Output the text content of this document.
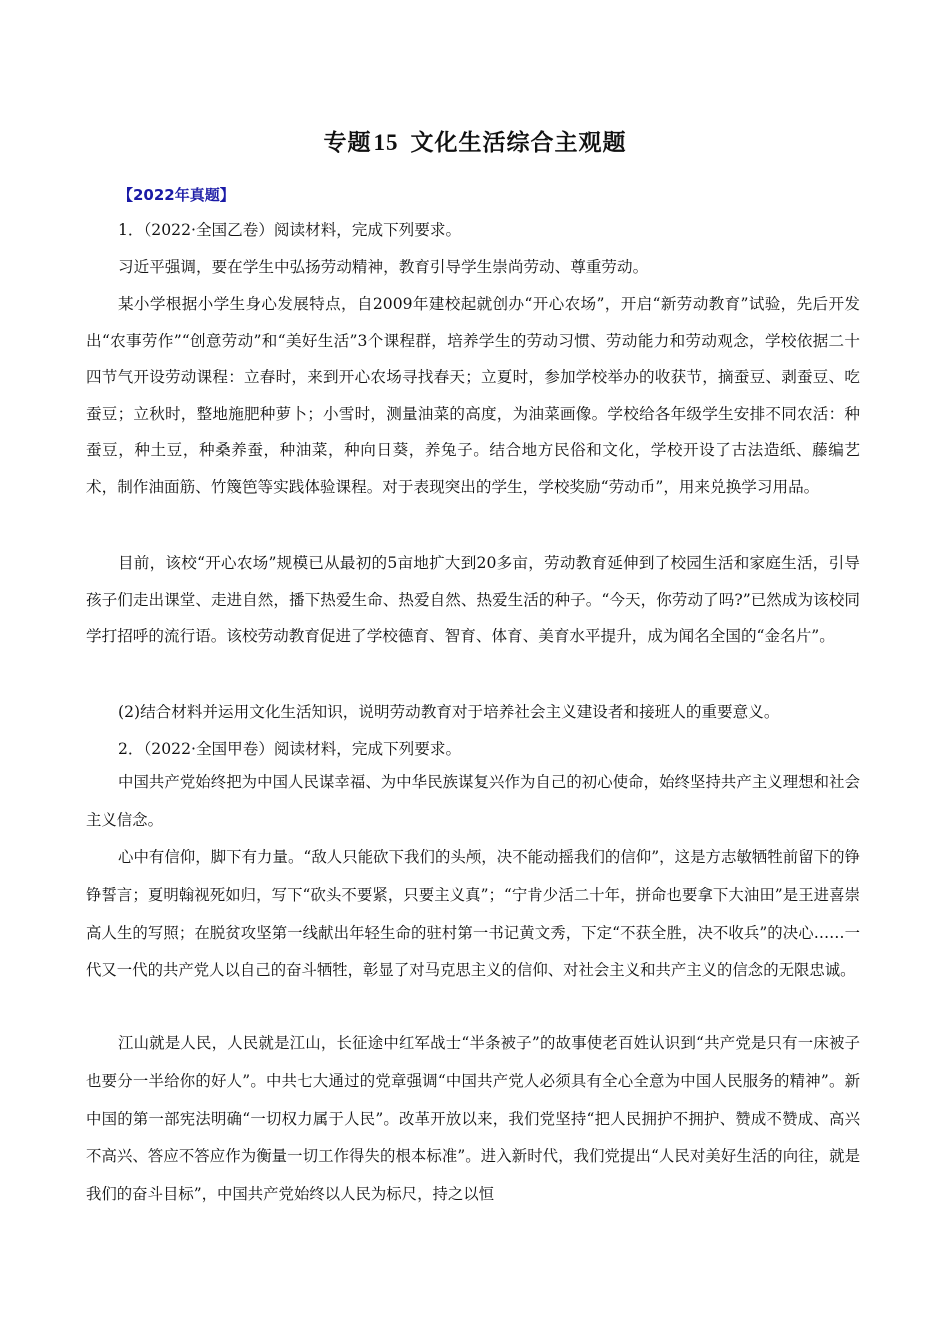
专题15 文化生活综合主观题
【2022年真题】

1．（2022·全国乙卷）阅读材料，完成下列要求。

习近平强调，要在学生中弘扬劳动精神，教育引导学生崇尚劳动、尊重劳动。

某小学根据小学生身心发展特点，自2009年建校起就创办“开心农场”，开启“新劳动教育”试验，先后开发出“农事劳作”“创意劳动”和“美好生活”3个课程群，培养学生的劳动习惯、劳动能力和劳动观念，学校依据二十四节气开设劳动课程：立春时，来到开心农场寻找春天；立夏时，参加学校举办的收获节，摘蚕豆、剥蚕豆、吃蚕豆；立秋时，整地施肥种萝卜；小雪时，测量油菜的高度，为油菜画像。学校给各年级学生安排不同农活：种蚕豆，种土豆，种桑养蚕，种油菜，种向日葵，养兔子。结合地方民俗和文化，学校开设了古法造纸、藤编艺术，制作油面筋、竹篾笆等实践体验课程。对于表现突出的学生，学校奖励“劳动币”，用来兑换学习用品。

目前，该校“开心农场”规模已从最初的5亩地扩大到20多亩，劳动教育延伸到了校园生活和家庭生活，引导孩子们走出课堂、走进自然，播下热爱生命、热爱自然、热爱生活的种子。“今天，你劳动了吗?”已然成为该校同学打招呼的流行语。该校劳动教育促进了学校德育、智育、体育、美育水平提升，成为闻名全国的“金名片”。

(2)结合材料并运用文化生活知识，说明劳动教育对于培养社会主义建设者和接班人的重要意义。

2．（2022·全国甲卷）阅读材料，完成下列要求。

中国共产党始终把为中国人民谋幸福、为中华民族谋复兴作为自己的初心使命，始终坚持共产主义理想和社会主义信念。

心中有信仰，脚下有力量。“敌人只能砍下我们的头颅，决不能动摇我们的信仰”，这是方志敏牺牲前留下的铮铮誓言；夏明翰视死如归，写下“砍头不要紧，只要主义真”；“宁肯少活二十年，拼命也要拿下大油田”是王进喜崇高人生的写照；在脱贫攻坚第一线献出年轻生命的驻村第一书记黄文秀，下定“不获全胜，决不收兵”的决心……一代又一代的共产党人以自己的奋斗牺牲，彰显了对马克思主义的信仰、对社会主义和共产主义的信念的无限忠诚。

江山就是人民，人民就是江山，长征途中红军战士“半条被子”的故事使老百姓认识到“共产党是只有一床被子也要分一半给你的好人”。中共七大通过的党章强调“中国共产党人必须具有全心全意为中国人民服务的精神”。新中国的第一部宪法明确“一切权力属于人民”。改革开放以来，我们党坚持“把人民拥护不拥护、赞成不赞成、高兴不高兴、答应不答应作为衡量一切工作得失的根本标准”。进入新时代，我们党提出“人民对美好生活的向往，就是我们的奋斗目标”，中国共产党始终以人民为标尺，持之以恒
